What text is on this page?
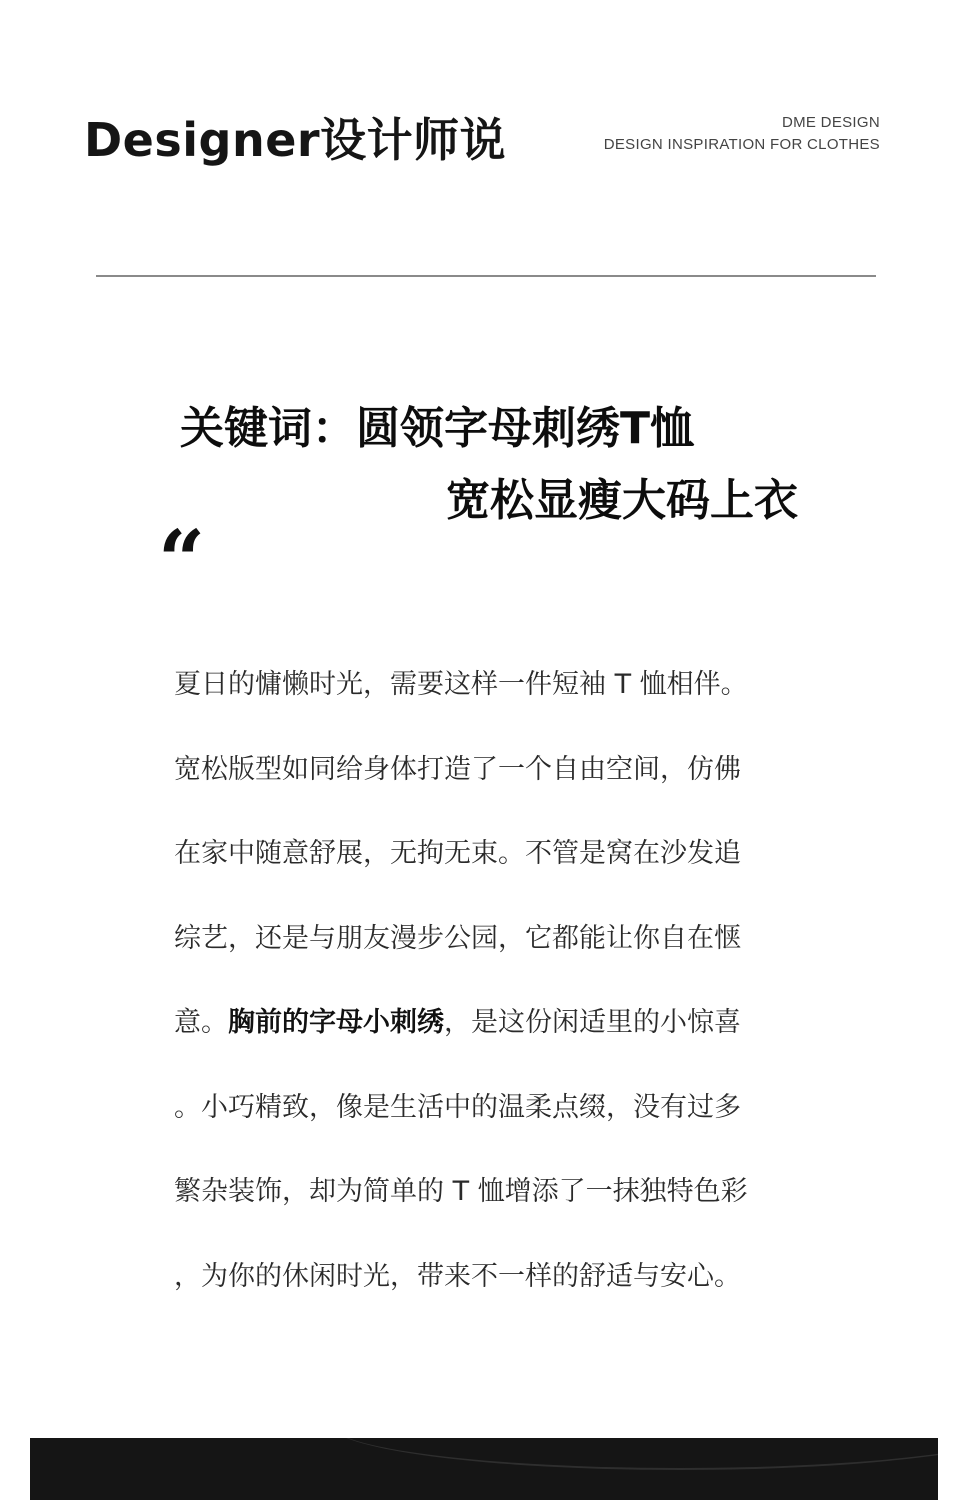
Designer设计师说	DME DESIGN
DESIGN INSPIRATION FOR CLOTHES
关键词：圆领字母刺绣T恤
宽松显瘦大码上衣
“
夏日的慵懒时光，需要这样一件短袖 T 恤相伴。
宽松版型如同给身体打造了一个自由空间，仿佛
在家中随意舒展，无拘无束。不管是窝在沙发追
综艺，还是与朋友漫步公园，它都能让你自在惬
意。胸前的字母小刺绣，是这份闲适里的小惊喜
。小巧精致，像是生活中的温柔点缀，没有过多
繁杂装饰，却为简单的 T 恤增添了一抹独特色彩
，为你的休闲时光，带来不一样的舒适与安心。
